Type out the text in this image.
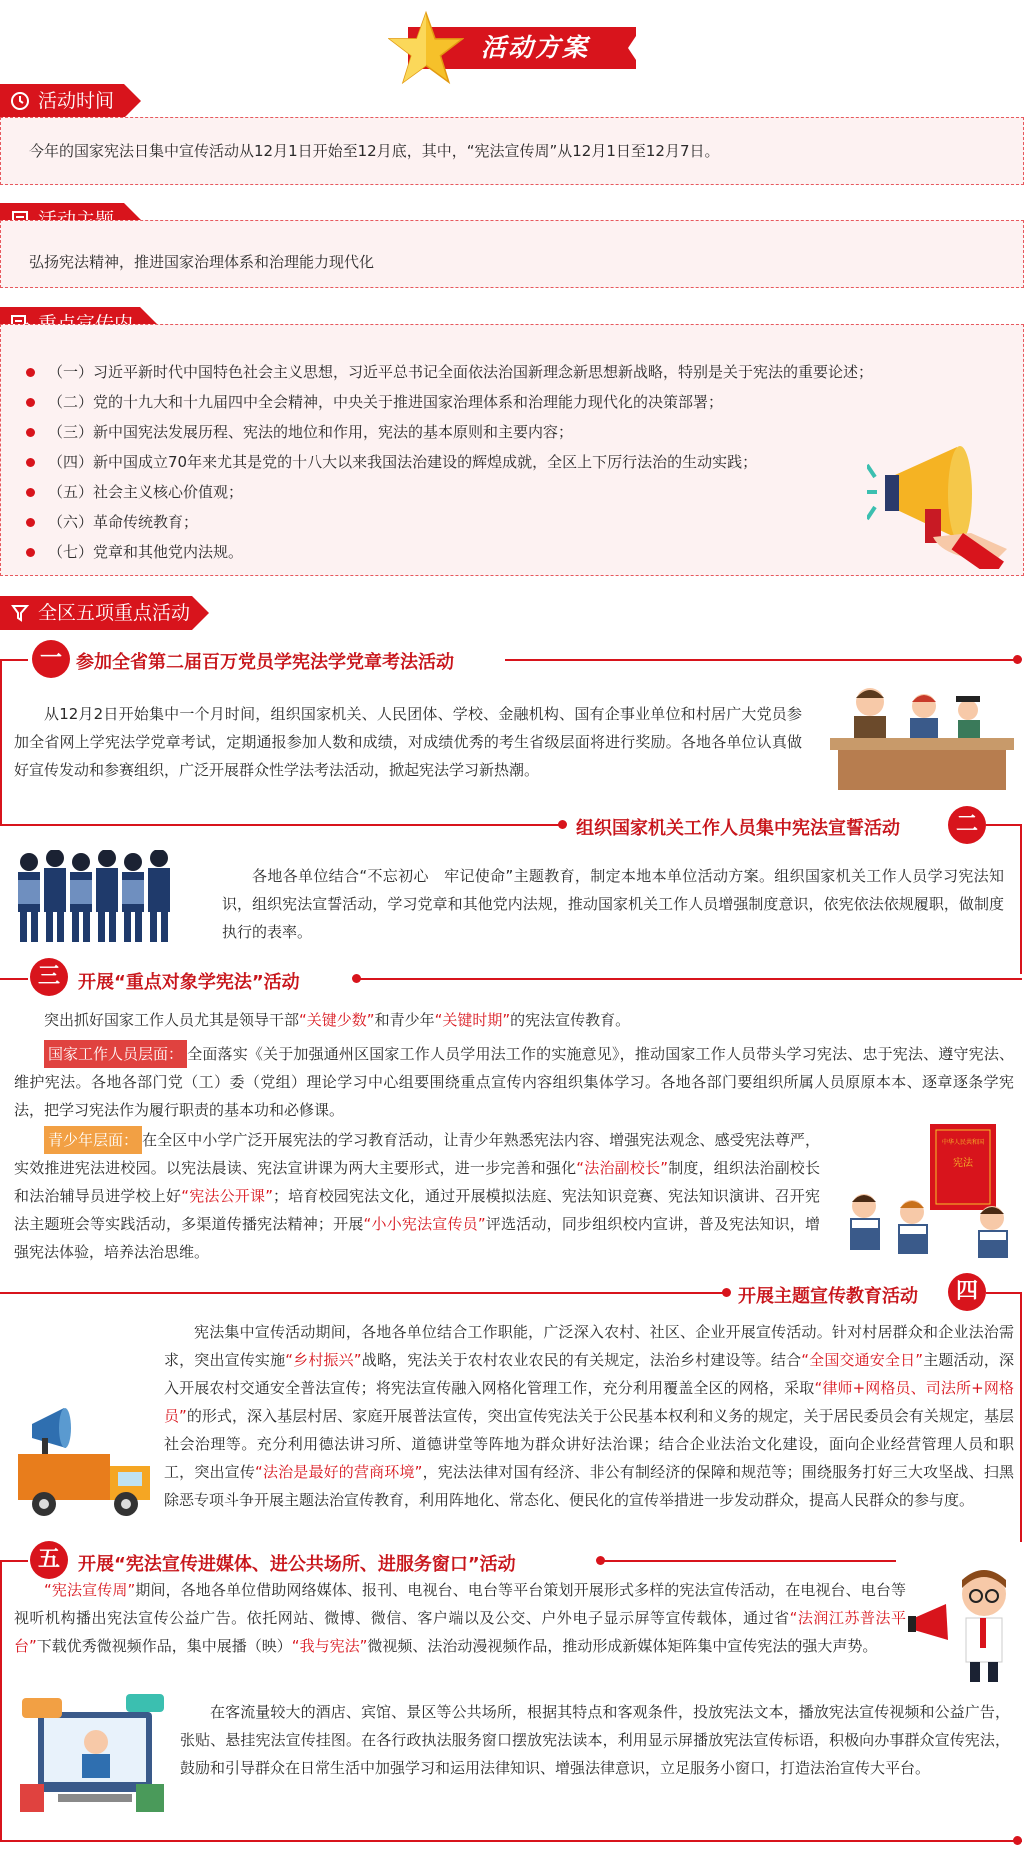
活动方案
活动时间
今年的国家宪法日集中宣传活动从12月1日开始至12月底，其中，“宪法宣传周”从12月1日至12月7日。
弘扬宪法精神，推进国家治理体系和治理能力现代化
（一）习近平新时代中国特色社会主义思想，习近平总书记全面依法治国新理念新思想新战略，特别是关于宪法的重要论述；
（二）党的十九大和十九届四中全会精神，中央关于推进国家治理体系和治理能力现代化的决策部署；
（三）新中国宪法发展历程、宪法的地位和作用，宪法的基本原则和主要内容；
（四）新中国成立70年来尤其是党的十八大以来我国法治建设的辉煌成就，全区上下厉行法治的生动实践；
（五）社会主义核心价值观；
（六）革命传统教育；
（七）党章和其他党内法规。
全区五项重点活动
一 参加全省第二届百万党员学宪法学党章考法活动

从12月2日开始集中一个月时间，组织国家机关、人民团体、学校、金融机构、国有企事业单位和村居广大党员参加全省网上学宪法学党章考试，定期通报参加人数和成绩，对成绩优秀的考生省级层面将进行奖励。各地各单位认真做好宣传发动和参赛组织，广泛开展群众性学法考法活动，掀起宪法学习新热潮。

组织国家机关工作人员集中宪法宣誓活动	二

各地各单位结合“不忘初心　牢记使命”主题教育，制定本地本单位活动方案。组织国家机关工作人员学习宪法知识，组织宪法宣誓活动，学习党章和其他党内法规，推动国家机关工作人员增强制度意识，依宪依法依规履职，做制度执行的表率。

三	开展“重点对象学宪法”活动

突出抓好国家工作人员尤其是领导干部“关键少数”和青少年“关键时期”的宪法宣传教育。

国家工作人员层面： 全面落实《关于加强通州区国家工作人员学用法工作的实施意见》，推动国家工作人员带头学习宪法、忠于宪法、遵守宪法、维护宪法。各地各部门党（工）委（党组）理论学习中心组要围绕重点宣传内容组织集体学习。各地各部门要组织所属人员原原本本、逐章逐条学宪法，把学习宪法作为履行职责的基本功和必修课。

青少年层面： 在全区中小学广泛开展宪法的学习教育活动，让青少年熟悉宪法内容、增强宪法观念、感受宪法尊严，实效推进宪法进校园。以宪法晨读、宪法宣讲课为两大主要形式，进一步完善和强化“法治副校长”制度，组织法治副校长和法治辅导员进学校上好“宪法公开课”；培育校园宪法文化，通过开展模拟法庭、宪法知识竞赛、宪法知识演讲、召开宪法主题班会等实践活动，多渠道传播宪法精神；开展“小小宪法宣传员”评选活动，同步组织校内宣讲，普及宪法知识，增强宪法体验，培养法治思维。

中华人民共和国
宪法
开展主题宣传教育活动	四

宪法集中宣传活动期间，各地各单位结合工作职能，广泛深入农村、社区、企业开展宣传活动。针对村居群众和企业法治需求，突出宣传实施“乡村振兴”战略，宪法关于农村农业农民的有关规定，法治乡村建设等。结合“全国交通安全日”主题活动，深入开展农村交通安全普法宣传；将宪法宣传融入网格化管理工作，充分利用覆盖全区的网格，采取“律师+网格员、司法所+网格员”的形式，深入基层村居、家庭开展普法宣传，突出宣传宪法关于公民基本权利和义务的规定，关于居民委员会有关规定，基层社会治理等。充分利用德法讲习所、道德讲堂等阵地为群众讲好法治课；结合企业法治文化建设，面向企业经营管理人员和职工，突出宣传“法治是最好的营商环境”，宪法法律对国有经济、非公有制经济的保障和规范等；围绕服务打好三大攻坚战、扫黑除恶专项斗争开展主题法治宣传教育，利用阵地化、常态化、便民化的宣传举措进一步发动群众，提高人民群众的参与度。

五	开展“宪法宣传进媒体、进公共场所、进服务窗口”活动

“宪法宣传周”期间，各地各单位借助网络媒体、报刊、电视台、电台等平台策划开展形式多样的宪法宣传活动，在电视台、电台等视听机构播出宪法宣传公益广告。依托网站、微博、微信、客户端以及公交、户外电子显示屏等宣传载体，通过省“法润江苏普法平台”下载优秀微视频作品，集中展播（映）“我与宪法”微视频、法治动漫视频作品，推动形成新媒体矩阵集中宣传宪法的强大声势。

在客流量较大的酒店、宾馆、景区等公共场所，根据其特点和客观条件，投放宪法文本，播放宪法宣传视频和公益广告，张贴、悬挂宪法宣传挂图。在各行政执法服务窗口摆放宪法读本，利用显示屏播放宪法宣传标语，积极向办事群众宣传宪法，鼓励和引导群众在日常生活中加强学习和运用法律知识、增强法律意识，立足服务小窗口，打造法治宣传大平台。
